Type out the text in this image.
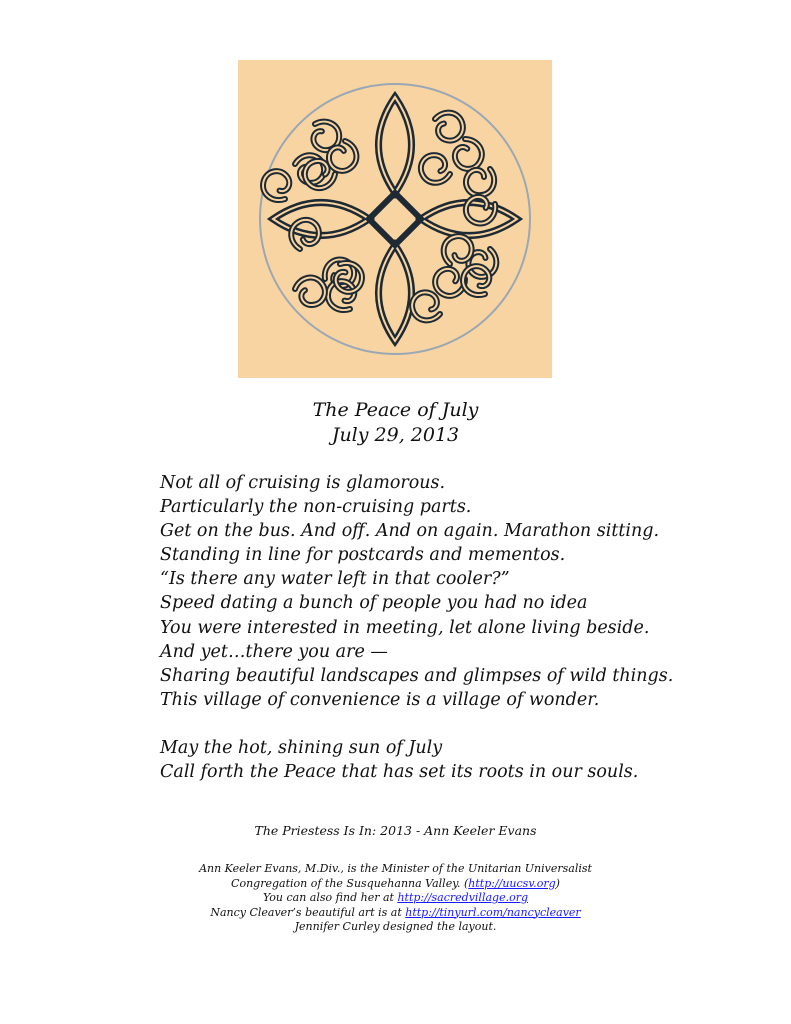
The Peace of July
July 29, 2013
Not all of cruising is glamorous.
Particularly the non-cruising parts.
Get on the bus. And off. And on again. Marathon sitting.
Standing in line for postcards and mementos.
“Is there any water left in that cooler?”
Speed dating a bunch of people you had no idea
You were interested in meeting, let alone living beside.
And yet…there you are —
Sharing beautiful landscapes and glimpses of wild things.
This village of convenience is a village of wonder.
May the hot, shining sun of July
Call forth the Peace that has set its roots in our souls.
The Priestess Is In: 2013 - Ann Keeler Evans
Ann Keeler Evans, M.Div., is the Minister of the Unitarian Universalist
Congregation of the Susquehanna Valley. (http://uucsv.org)
You can also find her at http://sacredvillage.org
Nancy Cleaver’s beautiful art is at http://tinyurl.com/nancycleaver
Jennifer Curley designed the layout.
